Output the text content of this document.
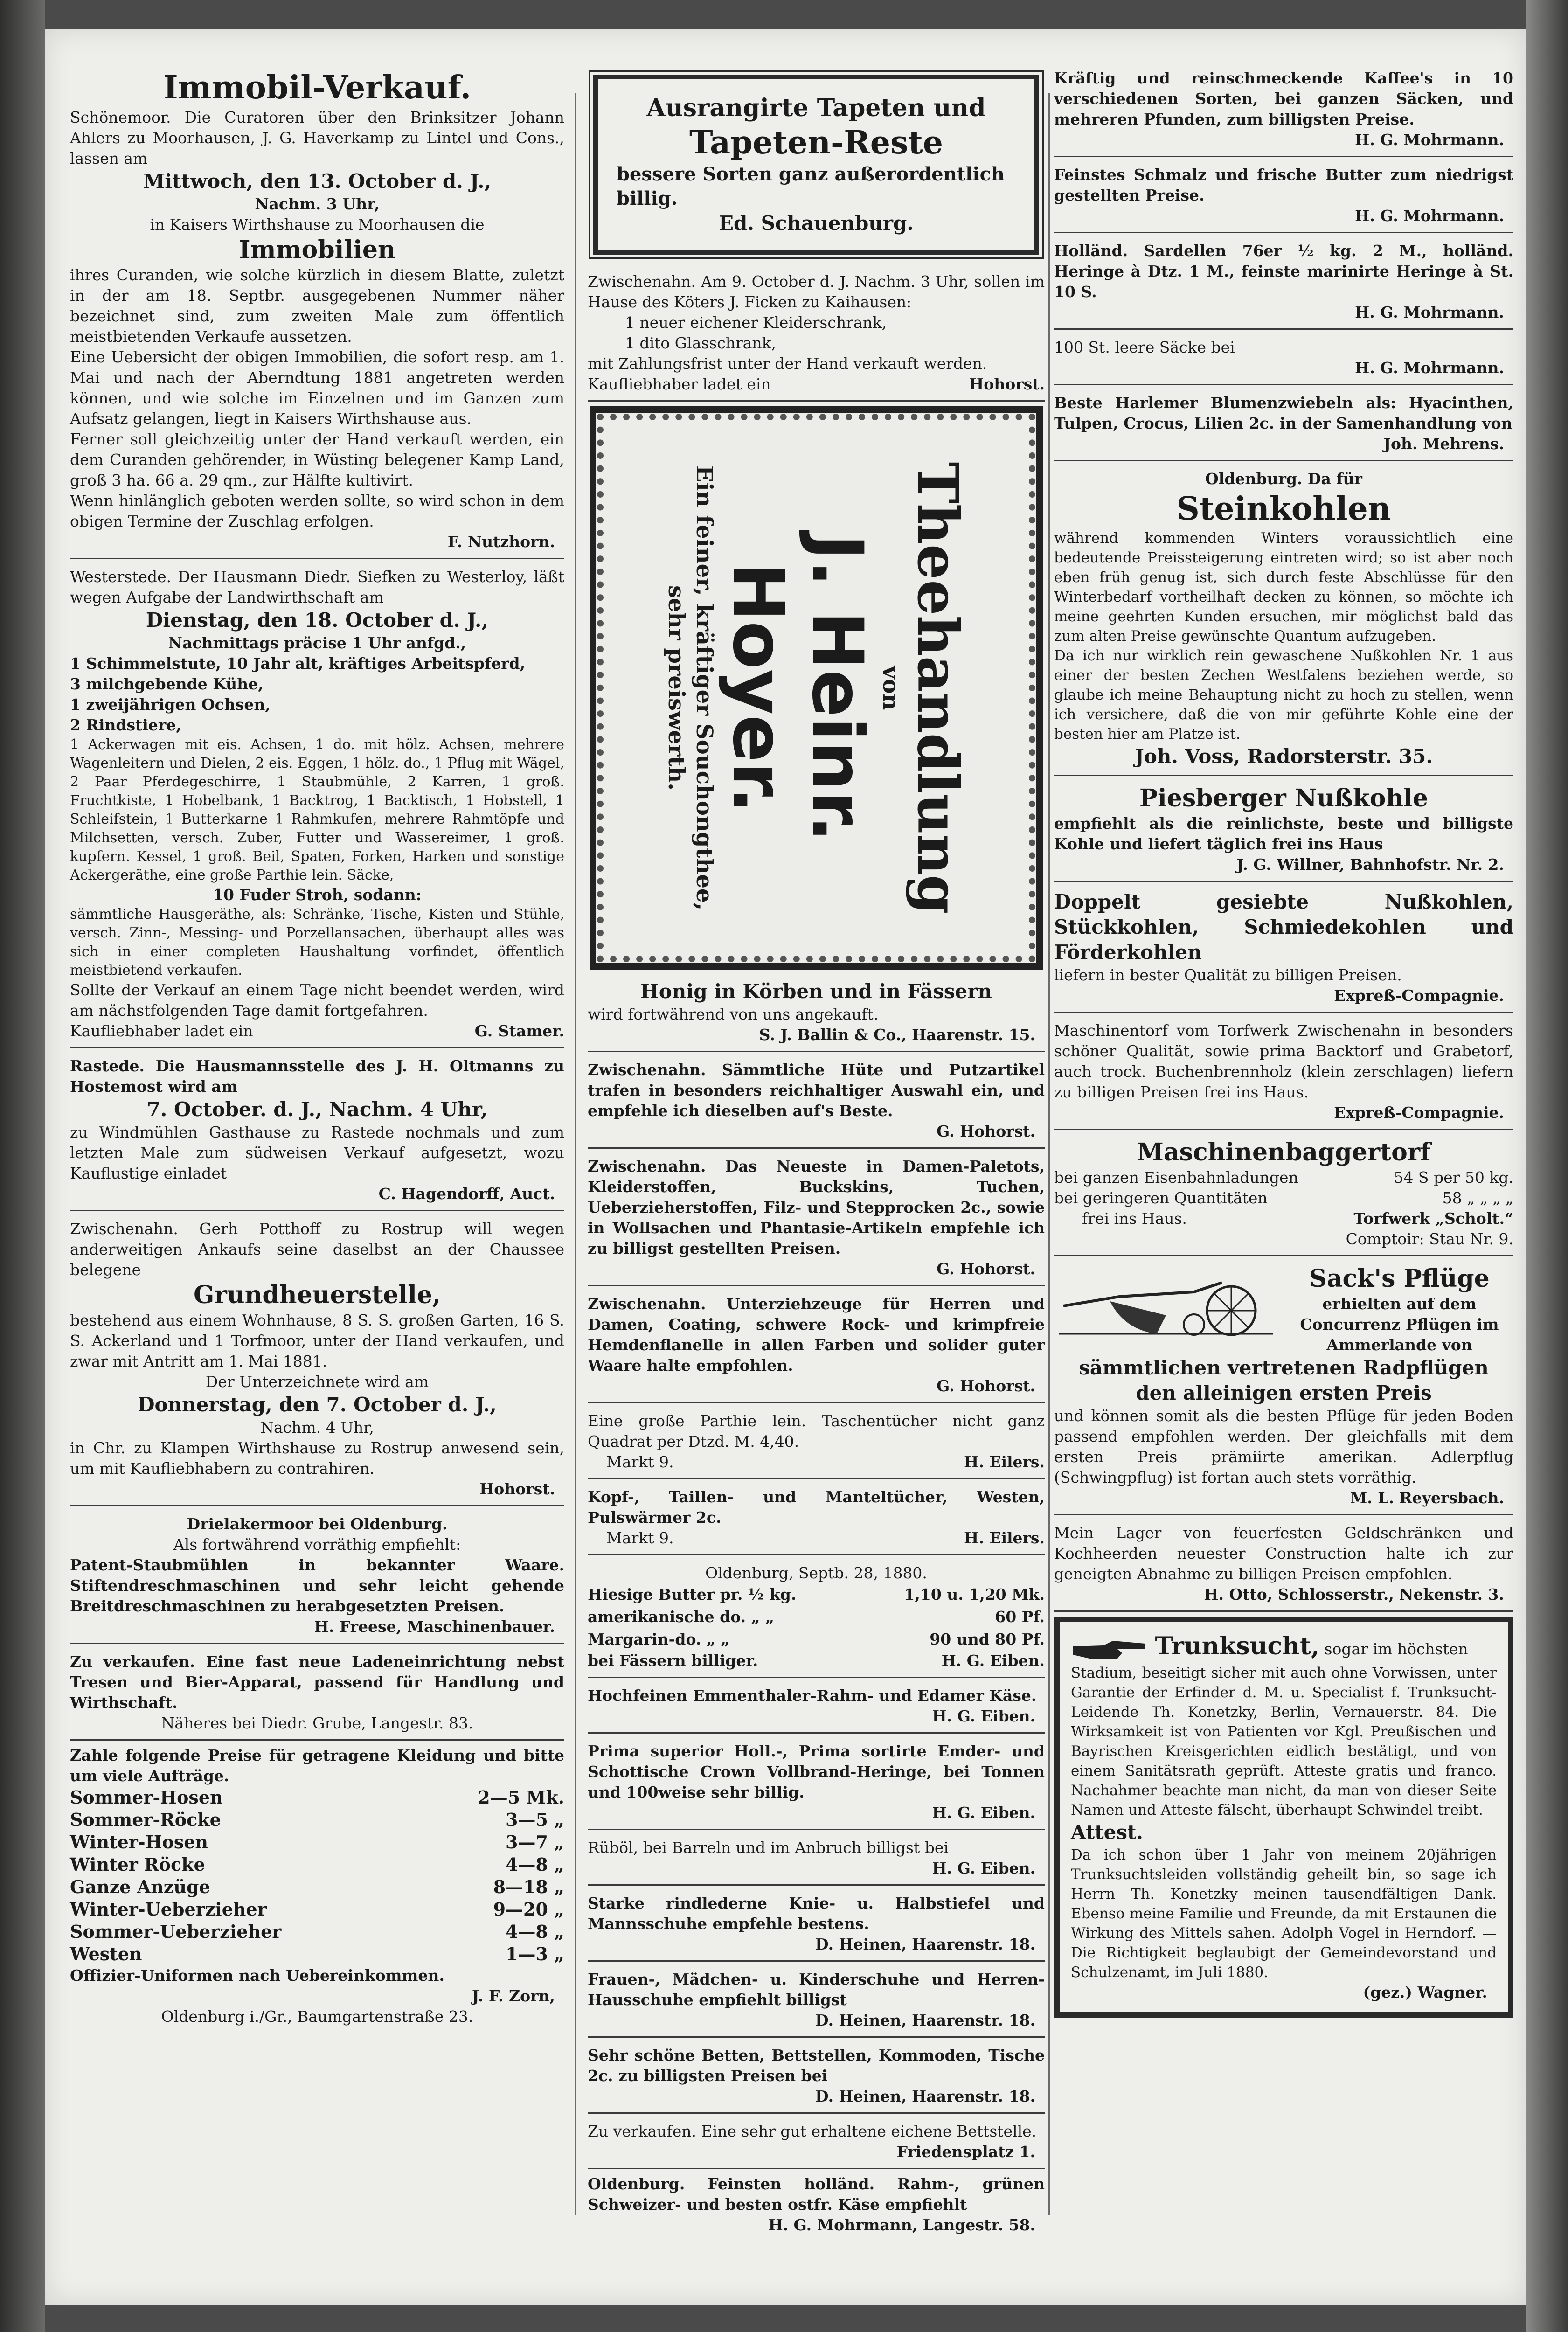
Immobil-Verkauf.
Schönemoor. Die Curatoren über den Brinksitzer Johann Ahlers zu Moorhausen, J. G. Haverkamp zu Lintel und Cons., lassen am
Mittwoch, den 13. October d. J.,
Nachm. 3 Uhr,
in Kaisers Wirthshause zu Moorhausen die
Immobilien
ihres Curanden, wie solche kürzlich in diesem Blatte, zuletzt in der am 18. Septbr. ausgegebenen Nummer näher bezeichnet sind, zum zweiten Male zum öffentlich meistbietenden Verkaufe aussetzen.
Eine Uebersicht der obigen Immobilien, die sofort resp. am 1. Mai und nach der Aberndtung 1881 angetreten werden können, und wie solche im Einzelnen und im Ganzen zum Aufsatz gelangen, liegt in Kaisers Wirthshause aus.
Ferner soll gleichzeitig unter der Hand verkauft werden, ein dem Curanden gehörender, in Wüsting belegener Kamp Land, groß 3 ha. 66 a. 29 qm., zur Hälfte kultivirt.
Wenn hinlänglich geboten werden sollte, so wird schon in dem obigen Termine der Zuschlag erfolgen.
F. Nutzhorn.
Westerstede. Der Hausmann Diedr. Siefken zu Westerloy, läßt wegen Aufgabe der Landwirthschaft am
Dienstag, den 18. October d. J.,
Nachmittags präcise 1 Uhr anfgd.,
1 Schimmelstute, 10 Jahr alt, kräftiges Arbeitspferd,
3 milchgebende Kühe,
1 zweijährigen Ochsen,
2 Rindstiere,
1 Ackerwagen mit eis. Achsen, 1 do. mit hölz. Achsen, mehrere Wagenleitern und Dielen, 2 eis. Eggen, 1 hölz. do., 1 Pflug mit Wägel, 2 Paar Pferdegeschirre, 1 Staubmühle, 2 Karren, 1 groß. Fruchtkiste, 1 Hobelbank, 1 Backtrog, 1 Backtisch, 1 Hobstell, 1 Schleifstein, 1 Butterkarne 1 Rahmkufen, mehrere Rahmtöpfe und Milchsetten, versch. Zuber, Futter und Wassereimer, 1 groß. kupfern. Kessel, 1 groß. Beil, Spaten, Forken, Harken und sonstige Ackergeräthe, eine große Parthie lein. Säcke,
10 Fuder Stroh, sodann:
sämmtliche Hausgeräthe, als: Schränke, Tische, Kisten und Stühle, versch. Zinn-, Messing- und Porzellansachen, überhaupt alles was sich in einer completen Haushaltung vorfindet, öffentlich meistbietend verkaufen.
Sollte der Verkauf an einem Tage nicht beendet werden, wird am nächstfolgenden Tage damit fortgefahren.
Kaufliebhaber ladet ein	G. Stamer.
Rastede. Die Hausmannsstelle des J. H. Oltmanns zu Hostemost wird am
7. October. d. J., Nachm. 4 Uhr,
zu Windmühlen Gasthause zu Rastede nochmals und zum letzten Male zum südweisen Verkauf aufgesetzt, wozu Kauflustige einladet
C. Hagendorff, Auct.
Zwischenahn. Gerh Potthoff zu Rostrup will wegen anderweitigen Ankaufs seine daselbst an der Chaussee belegene
Grundheuerstelle,
bestehend aus einem Wohnhause, 8 S. S. großen Garten, 16 S. S. Ackerland und 1 Torfmoor, unter der Hand verkaufen, und zwar mit Antritt am 1. Mai 1881.
Der Unterzeichnete wird am
Donnerstag, den 7. October d. J.,
Nachm. 4 Uhr,
in Chr. zu Klampen Wirthshause zu Rostrup anwesend sein, um mit Kaufliebhabern zu contrahiren.
Hohorst.
Drielakermoor bei Oldenburg.
Als fortwährend vorräthig empfiehlt:
Patent-Staubmühlen in bekannter Waare. Stiftendreschmaschinen und sehr leicht gehende Breitdreschmaschinen zu herabgesetzten Preisen.
H. Freese, Maschinenbauer.
Zu verkaufen. Eine fast neue Ladeneinrichtung nebst Tresen und Bier-Apparat, passend für Handlung und Wirthschaft.
Näheres bei Diedr. Grube, Langestr. 83.
Zahle folgende Preise für getragene Kleidung und bitte um viele Aufträge.
Sommer-Hosen	2—5 Mk.
Sommer-Röcke	3—5 „
Winter-Hosen	3—7 „
Winter Röcke	4—8 „
Ganze Anzüge	8—18 „
Winter-Ueberzieher	9—20 „
Sommer-Ueberzieher	4—8 „
Westen	1—3 „
Offizier-Uniformen nach Uebereinkommen.
J. F. Zorn,
Oldenburg i./Gr., Baumgartenstraße 23.
Ausrangirte Tapeten und
Tapeten-Reste
bessere Sorten ganz außerordentlich billig.
Ed. Schauenburg.
Zwischenahn. Am 9. October d. J. Nachm. 3 Uhr, sollen im Hause des Köters J. Ficken zu Kaihausen:
1 neuer eichener Kleiderschrank,
1 dito Glasschrank,
mit Zahlungsfrist unter der Hand verkauft werden.
Kaufliebhaber ladet ein	Hohorst.
Theehandlung
von
J. Heinr. Hoyer.
Ein feiner, kräftiger Souchongthee,
sehr preiswerth.
Honig in Körben und in Fässern
wird fortwährend von uns angekauft.
S. J. Ballin & Co., Haarenstr. 15.
Zwischenahn. Sämmtliche Hüte und Putzartikel trafen in besonders reichhaltiger Auswahl ein, und empfehle ich dieselben auf's Beste.
G. Hohorst.
Zwischenahn. Das Neueste in Damen-Paletots, Kleiderstoffen, Buckskins, Tuchen, Ueberzieherstoffen, Filz- und Stepprocken 2c., sowie in Wollsachen und Phantasie-Artikeln empfehle ich zu billigst gestellten Preisen.
G. Hohorst.
Zwischenahn. Unterziehzeuge für Herren und Damen, Coating, schwere Rock- und krimpfreie Hemdenflanelle in allen Farben und solider guter Waare halte empfohlen.
G. Hohorst.
Eine große Parthie lein. Taschentücher nicht ganz Quadrat per Dtzd. M. 4,40.
Markt 9.	H. Eilers.
Kopf-, Taillen- und Manteltücher, Westen, Pulswärmer 2c.
Markt 9.	H. Eilers.
Oldenburg, Septb. 28, 1880.
Hiesige Butter pr. ½ kg.	1,10 u. 1,20 Mk.
amerikanische do. „ „	60 Pf.
Margarin-do. „ „	90 und 80 Pf.
bei Fässern billiger.	H. G. Eiben.
Hochfeinen Emmenthaler-Rahm- und Edamer Käse.
H. G. Eiben.
Prima superior Holl.-, Prima sortirte Emder- und Schottische Crown Vollbrand-Heringe, bei Tonnen und 100weise sehr billig.
H. G. Eiben.
Rüböl, bei Barreln und im Anbruch billigst bei
H. G. Eiben.
Starke rindlederne Knie- u. Halbstiefel und Mannsschuhe empfehle bestens.
D. Heinen, Haarenstr. 18.
Frauen-, Mädchen- u. Kinderschuhe und Herren-Hausschuhe empfiehlt billigst
D. Heinen, Haarenstr. 18.
Sehr schöne Betten, Bettstellen, Kommoden, Tische 2c. zu billigsten Preisen bei
D. Heinen, Haarenstr. 18.
Zu verkaufen. Eine sehr gut erhaltene eichene Bettstelle.
Friedensplatz 1.
Oldenburg. Feinsten holländ. Rahm-, grünen Schweizer- und besten ostfr. Käse empfiehlt
H. G. Mohrmann, Langestr. 58.
Kräftig und reinschmeckende Kaffee's in 10 verschiedenen Sorten, bei ganzen Säcken, und mehreren Pfunden, zum billigsten Preise.
H. G. Mohrmann.
Feinstes Schmalz und frische Butter zum niedrigst gestellten Preise.
H. G. Mohrmann.
Holländ. Sardellen 76er ½ kg. 2 M., holländ. Heringe à Dtz. 1 M., feinste marinirte Heringe à St. 10 S.
H. G. Mohrmann.
100 St. leere Säcke bei
H. G. Mohrmann.
Beste Harlemer Blumenzwiebeln als: Hyacinthen, Tulpen, Crocus, Lilien 2c. in der Samenhandlung von
Joh. Mehrens.
Oldenburg. Da für
Steinkohlen
während kommenden Winters voraussichtlich eine bedeutende Preissteigerung eintreten wird; so ist aber noch eben früh genug ist, sich durch feste Abschlüsse für den Winterbedarf vortheilhaft decken zu können, so möchte ich meine geehrten Kunden ersuchen, mir möglichst bald das zum alten Preise gewünschte Quantum aufzugeben.
Da ich nur wirklich rein gewaschene Nußkohlen Nr. 1 aus einer der besten Zechen Westfalens beziehen werde, so glaube ich meine Behauptung nicht zu hoch zu stellen, wenn ich versichere, daß die von mir geführte Kohle eine der besten hier am Platze ist.
Joh. Voss, Radorsterstr. 35.
Piesberger Nußkohle
empfiehlt als die reinlichste, beste und billigste Kohle und liefert täglich frei ins Haus
J. G. Willner, Bahnhofstr. Nr. 2.
Doppelt gesiebte Nußkohlen, Stückkohlen, Schmiedekohlen und Förderkohlen
liefern in bester Qualität zu billigen Preisen.
Expreß-Compagnie.
Maschinentorf vom Torfwerk Zwischenahn in besonders schöner Qualität, sowie prima Backtorf und Grabetorf, auch trock. Buchenbrennholz (klein zerschlagen) liefern zu billigen Preisen frei ins Haus.
Expreß-Compagnie.
Maschinenbaggertorf
bei ganzen Eisenbahnladungen	54 S per 50 kg.
bei geringeren Quantitäten	58 „ „ „ „
frei ins Haus.	Torfwerk „Scholt.“
Comptoir: Stau Nr. 9.
Sack's Pflüge
erhielten auf dem Concurrenz Pflügen im Ammerlande von
sämmtlichen vertretenen Radpflügen
den alleinigen ersten Preis
und können somit als die besten Pflüge für jeden Boden passend empfohlen werden. Der gleichfalls mit dem ersten Preis prämiirte amerikan. Adlerpflug (Schwingpflug) ist fortan auch stets vorräthig.
M. L. Reyersbach.
Mein Lager von feuerfesten Geldschränken und Kochheerden neuester Construction halte ich zur geneigten Abnahme zu billigen Preisen empfohlen.
H. Otto, Schlosserstr., Nekenstr. 3.
Trunksucht, sogar im höchsten
Stadium, beseitigt sicher mit auch ohne Vorwissen, unter Garantie der Erfinder d. M. u. Specialist f. Trunksucht-Leidende Th. Konetzky, Berlin, Vernauerstr. 84. Die Wirksamkeit ist von Patienten vor Kgl. Preußischen und Bayrischen Kreisgerichten eidlich bestätigt, und von einem Sanitätsrath geprüft. Atteste gratis und franco. Nachahmer beachte man nicht, da man von dieser Seite Namen und Atteste fälscht, überhaupt Schwindel treibt.
Attest.
Da ich schon über 1 Jahr von meinem 20jährigen Trunksuchtsleiden vollständig geheilt bin, so sage ich Herrn Th. Konetzky meinen tausendfältigen Dank. Ebenso meine Familie und Freunde, da mit Erstaunen die Wirkung des Mittels sahen. Adolph Vogel in Herndorf. — Die Richtigkeit beglaubigt der Gemeindevorstand und Schulzenamt, im Juli 1880.
(gez.) Wagner.
